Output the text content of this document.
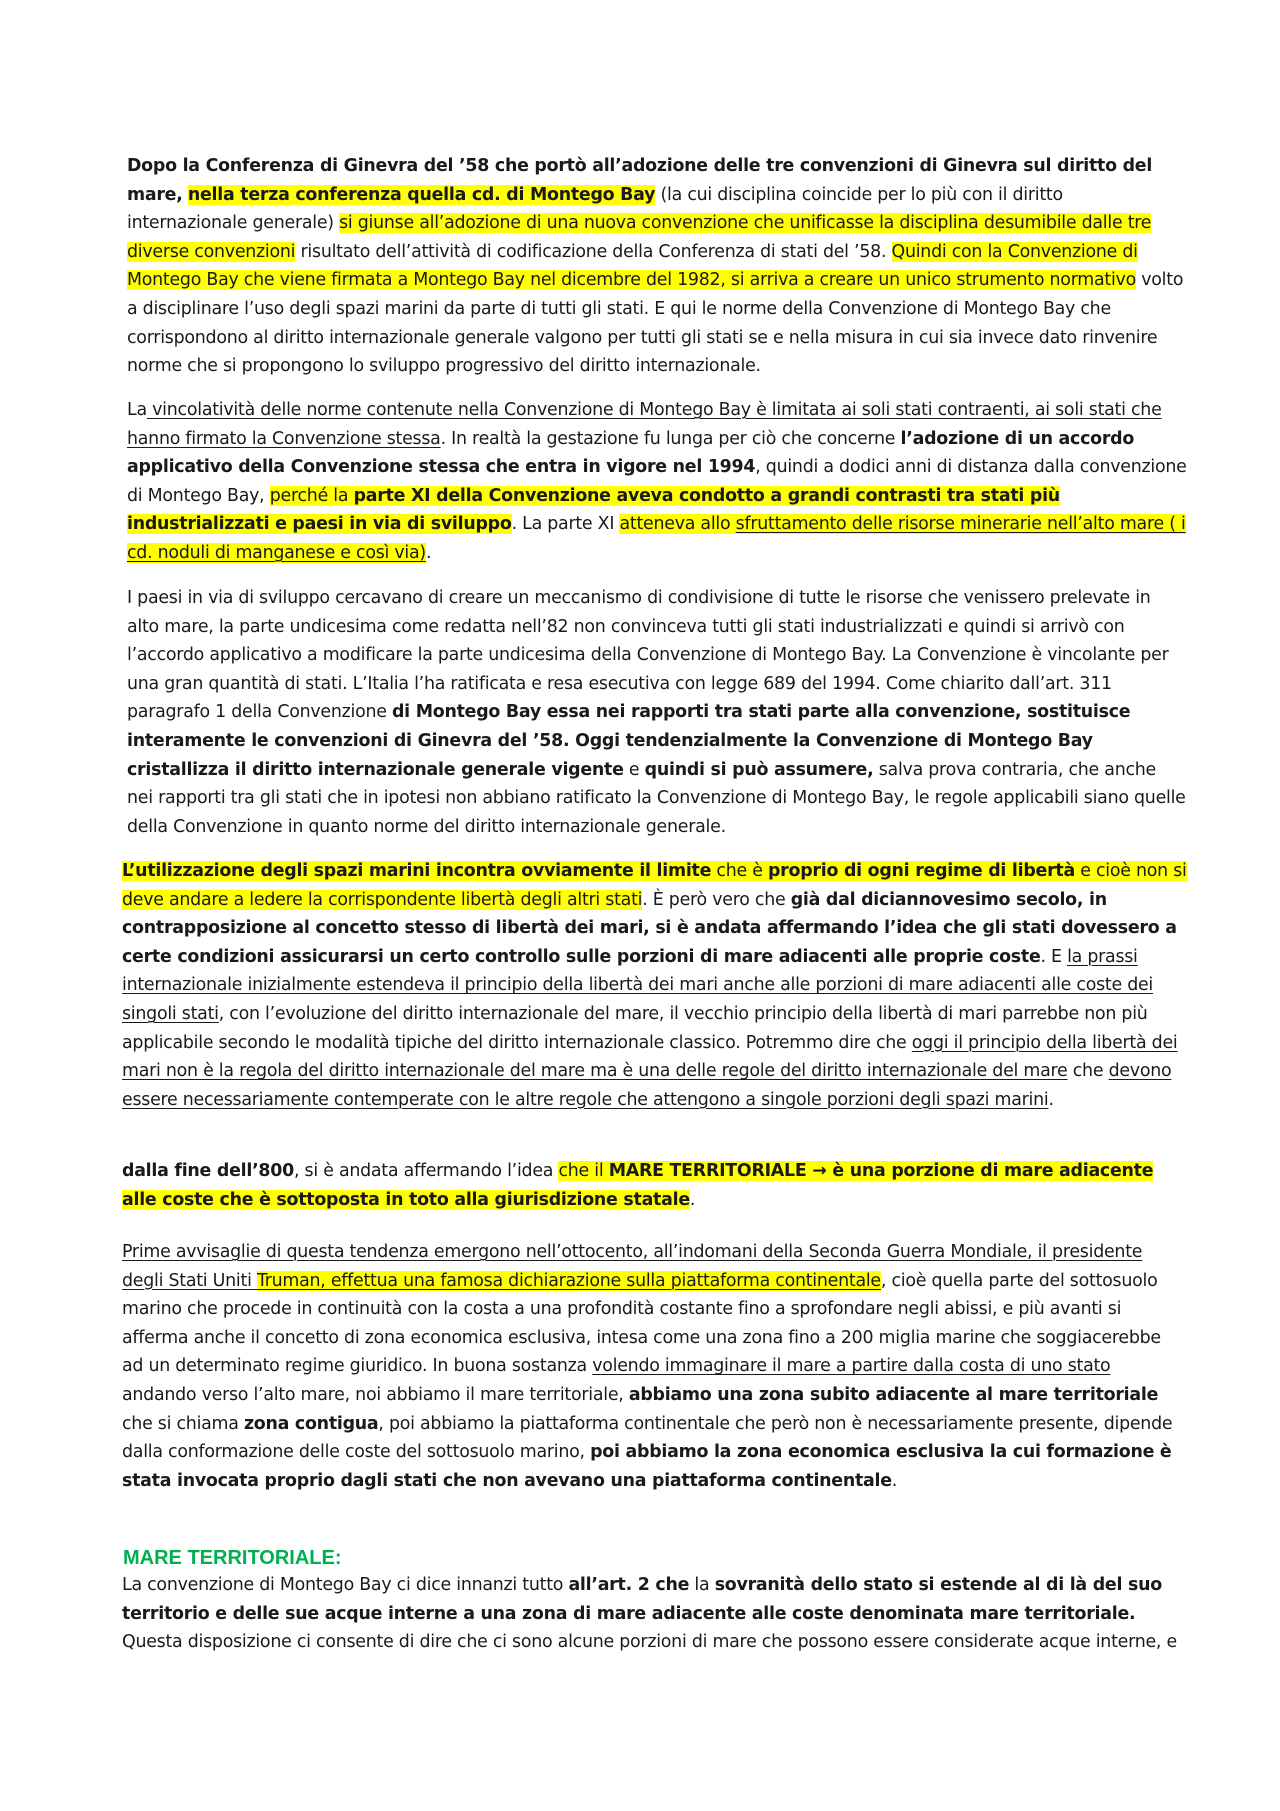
Dopo la Conferenza di Ginevra del ’58 che portò all’adozione delle tre convenzioni di Ginevra sul diritto del mare, nella terza conferenza quella cd. di Montego Bay (la cui disciplina coincide per lo più con il diritto internazionale generale) si giunse all’adozione di una nuova convenzione che unificasse la disciplina desumibile dalle tre diverse convenzioni risultato dell’attività di codificazione della Conferenza di stati del ’58. Quindi con la Convenzione di Montego Bay che viene firmata a Montego Bay nel dicembre del 1982, si arriva a creare un unico strumento normativo volto a disciplinare l’uso degli spazi marini da parte di tutti gli stati. E qui le norme della Convenzione di Montego Bay che corrispondono al diritto internazionale generale valgono per tutti gli stati se e nella misura in cui sia invece dato rinvenire norme che si propongono lo sviluppo progressivo del diritto internazionale.

La vincolatività delle norme contenute nella Convenzione di Montego Bay è limitata ai soli stati contraenti, ai soli stati che hanno firmato la Convenzione stessa. In realtà la gestazione fu lunga per ciò che concerne l’adozione di un accordo applicativo della Convenzione stessa che entra in vigore nel 1994, quindi a dodici anni di distanza dalla convenzione di Montego Bay, perché la parte XI della Convenzione aveva condotto a grandi contrasti tra stati più industrializzati e paesi in via di sviluppo. La parte XI atteneva allo sfruttamento delle risorse minerarie nell’alto mare ( i cd. noduli di manganese e così via).

I paesi in via di sviluppo cercavano di creare un meccanismo di condivisione di tutte le risorse che venissero prelevate in alto mare, la parte undicesima come redatta nell’82 non convinceva tutti gli stati industrializzati e quindi si arrivò con l’accordo applicativo a modificare la parte undicesima della Convenzione di Montego Bay. La Convenzione è vincolante per una gran quantità di stati. L’Italia l’ha ratificata e resa esecutiva con legge 689 del 1994. Come chiarito dall’art. 311 paragrafo 1 della Convenzione di Montego Bay essa nei rapporti tra stati parte alla convenzione, sostituisce interamente le convenzioni di Ginevra del ’58. Oggi tendenzialmente la Convenzione di Montego Bay cristallizza il diritto internazionale generale vigente e quindi si può assumere, salva prova contraria, che anche nei rapporti tra gli stati che in ipotesi non abbiano ratificato la Convenzione di Montego Bay, le regole applicabili siano quelle della Convenzione in quanto norme del diritto internazionale generale.

L’utilizzazione degli spazi marini incontra ovviamente il limite che è proprio di ogni regime di libertà e cioè non si deve andare a ledere la corrispondente libertà degli altri stati. È però vero che già dal diciannovesimo secolo, in contrapposizione al concetto stesso di libertà dei mari, si è andata affermando l’idea che gli stati dovessero a certe condizioni assicurarsi un certo controllo sulle porzioni di mare adiacenti alle proprie coste. E la prassi internazionale inizialmente estendeva il principio della libertà dei mari anche alle porzioni di mare adiacenti alle coste dei singoli stati, con l’evoluzione del diritto internazionale del mare, il vecchio principio della libertà di mari parrebbe non più applicabile secondo le modalità tipiche del diritto internazionale classico. Potremmo dire che oggi il principio della libertà dei mari non è la regola del diritto internazionale del mare ma è una delle regole del diritto internazionale del mare che devono essere necessariamente contemperate con le altre regole che attengono a singole porzioni degli spazi marini.

dalla fine dell’800, si è andata affermando l’idea che il MARE TERRITORIALE → è una porzione di mare adiacente alle coste che è sottoposta in toto alla giurisdizione statale.

Prime avvisaglie di questa tendenza emergono nell’ottocento, all’indomani della Seconda Guerra Mondiale, il presidente degli Stati Uniti Truman, effettua una famosa dichiarazione sulla piattaforma continentale, cioè quella parte del sottosuolo marino che procede in continuità con la costa a una profondità costante fino a sprofondare negli abissi, e più avanti si afferma anche il concetto di zona economica esclusiva, intesa come una zona fino a 200 miglia marine che soggiacerebbe ad un determinato regime giuridico. In buona sostanza volendo immaginare il mare a partire dalla costa di uno stato andando verso l’alto mare, noi abbiamo il mare territoriale, abbiamo una zona subito adiacente al mare territoriale che si chiama zona contigua, poi abbiamo la piattaforma continentale che però non è necessariamente presente, dipende dalla conformazione delle coste del sottosuolo marino, poi abbiamo la zona economica esclusiva la cui formazione è stata invocata proprio dagli stati che non avevano una piattaforma continentale.

MARE TERRITORIALE:

La convenzione di Montego Bay ci dice innanzi tutto all’art. 2 che la sovranità dello stato si estende al di là del suo territorio e delle sue acque interne a una zona di mare adiacente alle coste denominata mare territoriale. Questa disposizione ci consente di dire che ci sono alcune porzioni di mare che possono essere considerate acque interne, e
